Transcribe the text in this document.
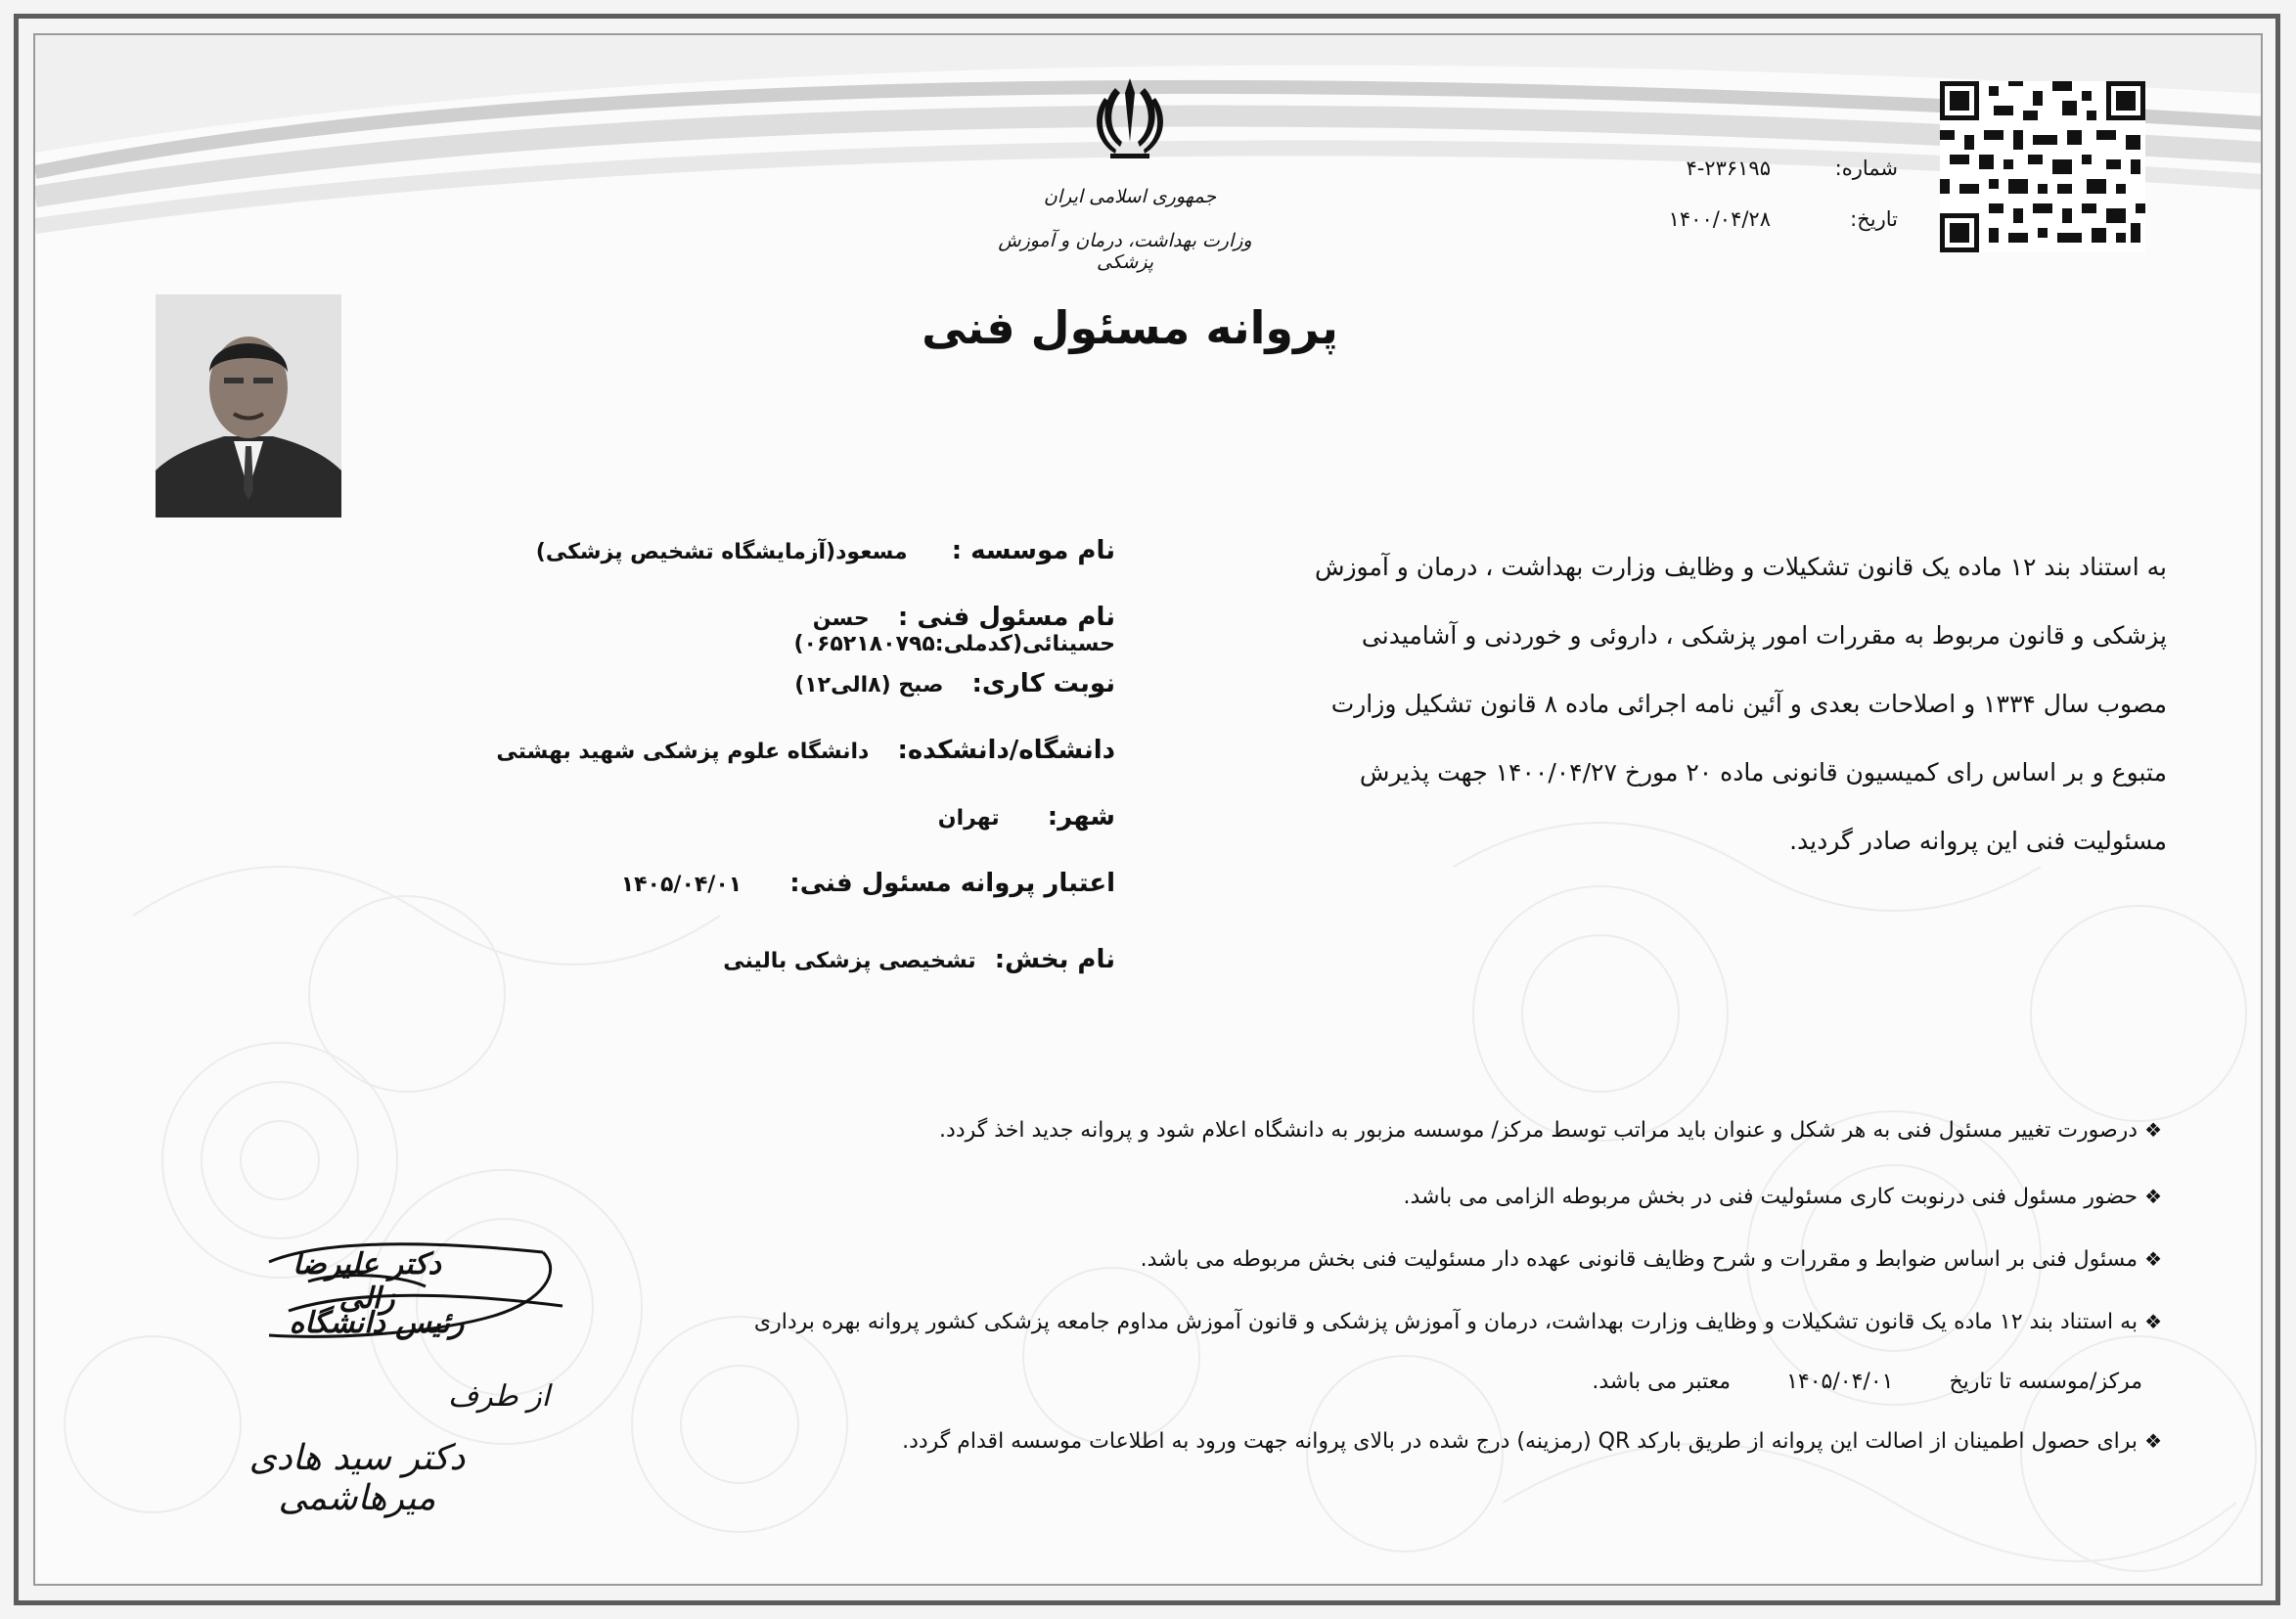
جمهوری اسلامی ایران
وزارت بهداشت، درمان و آموزش پزشکی
شماره:
۴-۲۳۶۱۹۵
تاریخ:
۱۴۰۰/۰۴/۲۸
پروانه مسئول فنی
به استناد بند ۱۲ ماده یک قانون تشکیلات و وظایف وزارت بهداشت ، درمان و آموزش
پزشکی و قانون مربوط به مقررات امور پزشکی ، داروئی و خوردنی و آشامیدنی
مصوب سال ۱۳۳۴ و اصلاحات بعدی و آئین نامه اجرائی ماده ۸ قانون تشکیل وزارت
متبوع و بر اساس رای کمیسیون قانونی ماده ۲۰ مورخ ۱۴۰۰/۰۴/۲۷ جهت پذیرش
مسئولیت فنی این پروانه صادر گردید.
نام موسسه : مسعود(آزمایشگاه تشخیص پزشکی)
نام مسئول فنی : حسن حسینائی(کدملی:۰۶۵۲۱۸۰۷۹۵)
نوبت کاری: صبح (۸الی۱۲)
دانشگاه/دانشکده: دانشگاه علوم پزشکی شهید بهشتی
شهر: تهران
اعتبار پروانه مسئول فنی: ۱۴۰۵/۰۴/۰۱
نام بخش: تشخیصی پزشکی بالینی
❖ درصورت تغییر مسئول فنی به هر شکل و عنوان باید مراتب توسط مرکز/ موسسه مزبور به دانشگاه اعلام شود و پروانه جدید اخذ گردد.
❖ حضور مسئول فنی درنوبت کاری مسئولیت فنی در بخش مربوطه الزامی می باشد.
❖ مسئول فنی بر اساس ضوابط و مقررات و شرح وظایف قانونی عهده دار مسئولیت فنی بخش مربوطه می باشد.
❖ به استناد بند ۱۲ ماده یک قانون تشکیلات و وظایف وزارت بهداشت، درمان و آموزش پزشکی و قانون آموزش مداوم جامعه پزشکی کشور پروانه بهره برداری
مرکز/موسسه تا تاریخ ۱۴۰۵/۰۴/۰۱ معتبر می باشد.
❖ برای حصول اطمینان از اصالت این پروانه از طریق بارکد QR (رمزینه) درج شده در بالای پروانه جهت ورود به اطلاعات موسسه اقدام گردد.
دکتر علیرضا زالی
رئیس دانشگاه
از طرف
دکتر سید هادی میرهاشمی
